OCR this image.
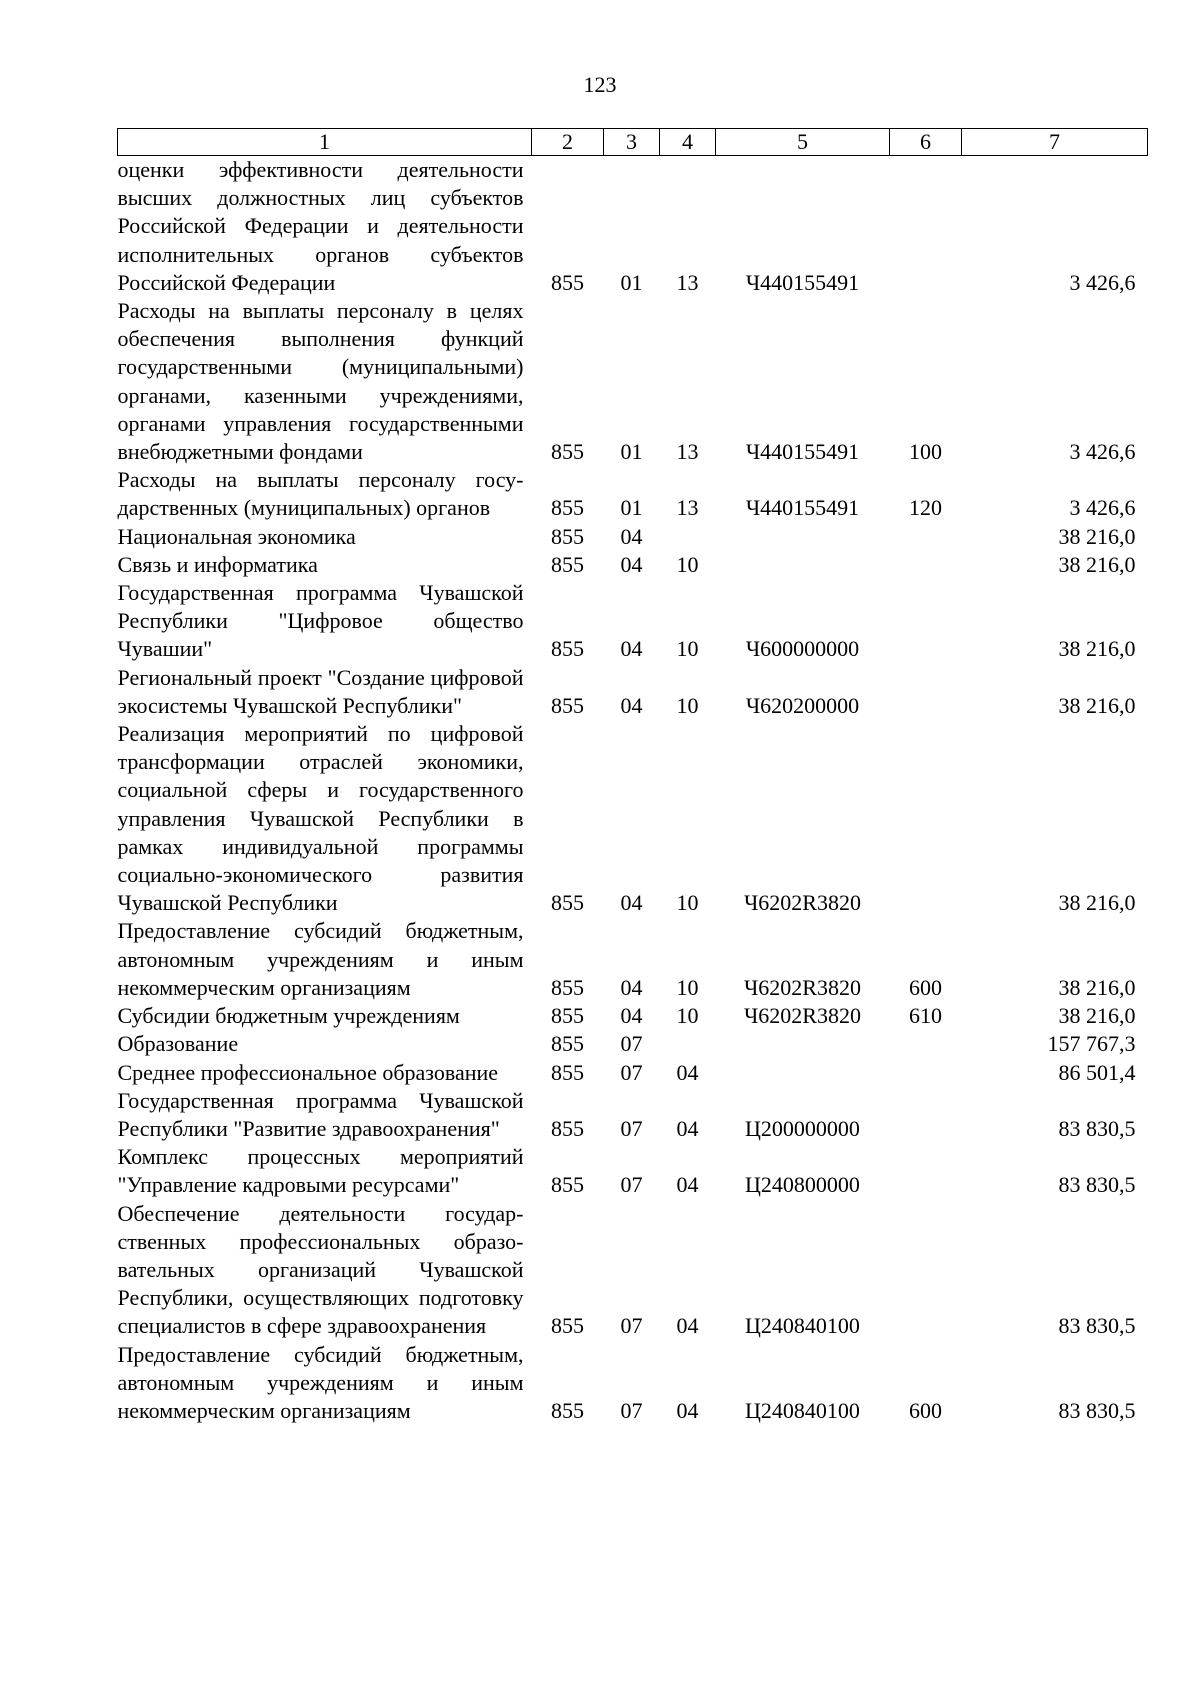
123
1	2	3	4	5	6	7
оценки эффективности деятельности высших должностных лиц субъектов Российской Федерации и деятельности исполнительных органов субъектов Российской Федерации	855	01	13	Ч440155491		3 426,6
Расходы на выплаты персоналу в целях обеспечения выполнения функций государственными (муниципальными) органами, казенными учреждениями, органами управления государственными внебюджетными фондами	855	01	13	Ч440155491	100	3 426,6
Расходы на выплаты персоналу государственных (муниципальных) органов	855	01	13	Ч440155491	120	3 426,6
Национальная экономика	855	04				38 216,0
Связь и информатика	855	04	10			38 216,0
Государственная программа Чувашской Республики "Цифровое общество Чувашии"	855	04	10	Ч600000000		38 216,0
Региональный проект "Создание цифровой экосистемы Чувашской Республики"	855	04	10	Ч620200000		38 216,0
Реализация мероприятий по цифровой трансформации отраслей экономики, социальной сферы и государственного управления Чувашской Республики в рамках индивидуальной программы социально-экономического развития Чувашской Республики	855	04	10	Ч6202R3820		38 216,0
Предоставление субсидий бюджетным, автономным учреждениям и иным некоммерческим организациям	855	04	10	Ч6202R3820	600	38 216,0
Субсидии бюджетным учреждениям	855	04	10	Ч6202R3820	610	38 216,0
Образование	855	07				157 767,3
Среднее профессиональное образование	855	07	04			86 501,4
Государственная программа Чувашской Республики "Развитие здравоохранения"	855	07	04	Ц200000000		83 830,5
Комплекс процессных мероприятий "Управление кадровыми ресурсами"	855	07	04	Ц240800000		83 830,5
Обеспечение деятельности государственных профессиональных образовательных организаций Чувашской Республики, осуществляющих подготовку специалистов в сфере здравоохранения	855	07	04	Ц240840100		83 830,5
Предоставление субсидий бюджетным, автономным учреждениям и иным некоммерческим организациям	855	07	04	Ц240840100	600	83 830,5
